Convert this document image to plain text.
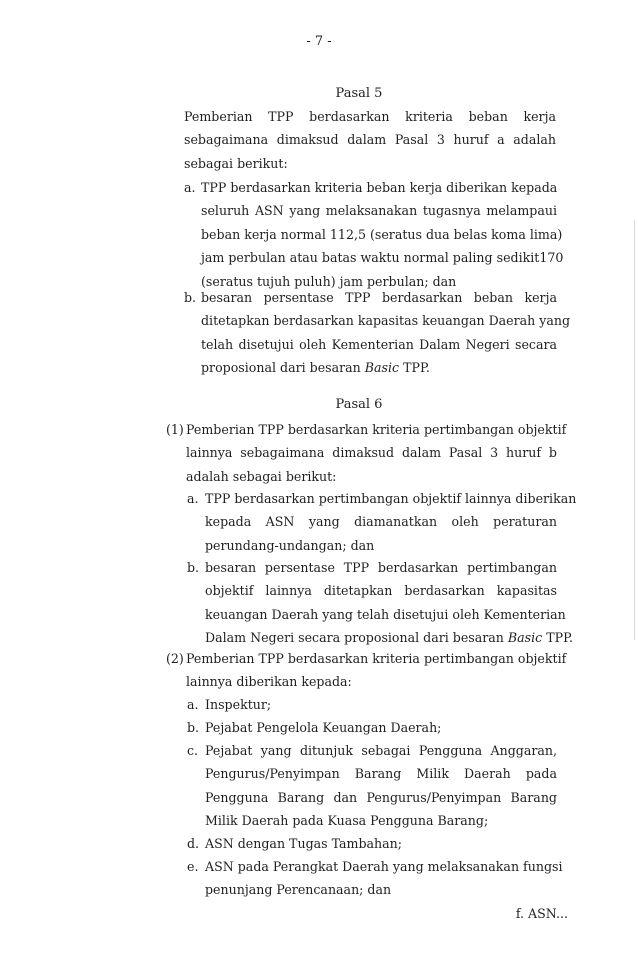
- 7 -
Pasal 5
Pemberian TPP berdasarkan kriteria beban kerja
sebagaimana dimaksud dalam Pasal 3 huruf a adalah
sebagai berikut:
a. TPP berdasarkan kriteria beban kerja diberikan kepada
seluruh ASN yang melaksanakan tugasnya melampaui
beban kerja normal 112,5 (seratus dua belas koma lima)
jam perbulan atau batas waktu normal paling sedikit170
(seratus tujuh puluh) jam perbulan; dan
b. besaran persentase TPP berdasarkan beban kerja
ditetapkan berdasarkan kapasitas keuangan Daerah yang
telah disetujui oleh Kementerian Dalam Negeri secara
proposional dari besaran Basic TPP.
Pasal 6
(1) Pemberian TPP berdasarkan kriteria pertimbangan objektif
lainnya sebagaimana dimaksud dalam Pasal 3 huruf b
adalah sebagai berikut:
a. TPP berdasarkan pertimbangan objektif lainnya diberikan
kepada ASN yang diamanatkan oleh peraturan
perundang-undangan; dan
b. besaran persentase TPP berdasarkan pertimbangan
objektif lainnya ditetapkan berdasarkan kapasitas
keuangan Daerah yang telah disetujui oleh Kementerian
Dalam Negeri secara proposional dari besaran Basic TPP.
(2) Pemberian TPP berdasarkan kriteria pertimbangan objektif
lainnya diberikan kepada:
a. Inspektur;
b. Pejabat Pengelola Keuangan Daerah;
c. Pejabat yang ditunjuk sebagai Pengguna Anggaran,
Pengurus/Penyimpan Barang Milik Daerah pada
Pengguna Barang dan Pengurus/Penyimpan Barang
Milik Daerah pada Kuasa Pengguna Barang;
d. ASN dengan Tugas Tambahan;
e. ASN pada Perangkat Daerah yang melaksanakan fungsi
penunjang Perencanaan; dan
f. ASN...
